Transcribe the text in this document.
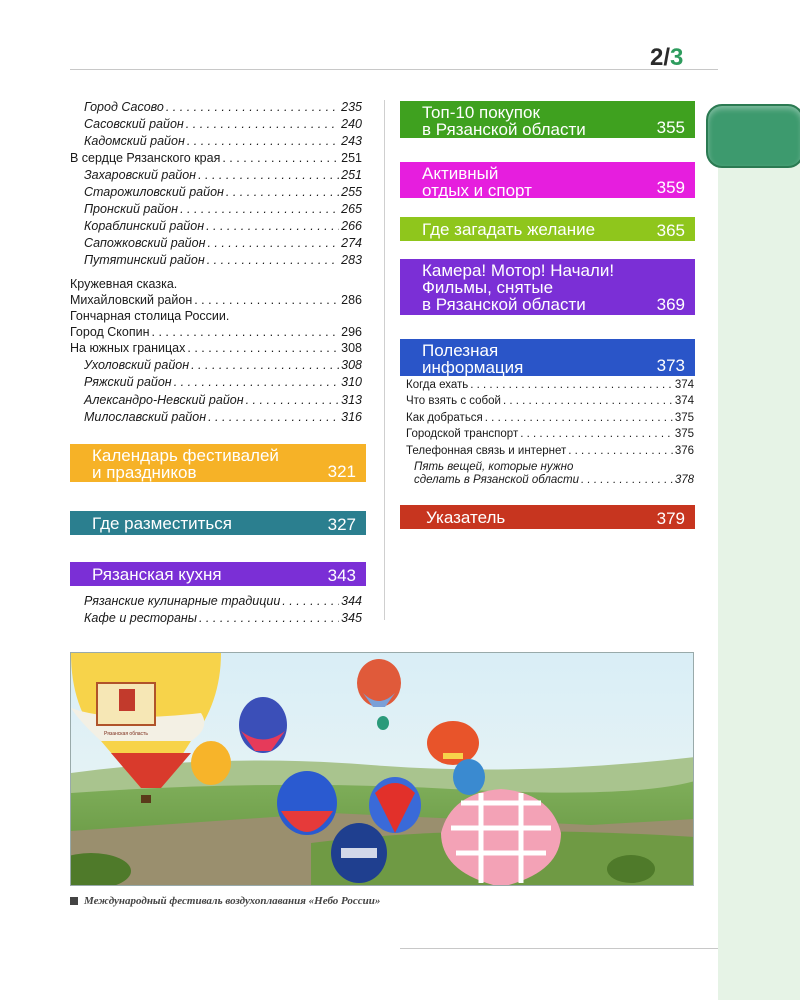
2/3
Город Сасово . . .	235
Сасовский район . . .	240
Кадомский район . . .	243
В сердце Рязанского края . . .	251
Захаровский район . . .	251
Старожиловский район . . .	255
Пронский район . . .	265
Кораблинский район . . .	266
Сапожковский район . . .	274
Путятинский район . . .	283
Кружевная сказка.
Михайловский район . . .	286
Гончарная столица России.
Город Скопин . . .	296
На южных границах . . .	308
Ухоловский район . . .	308
Ряжский район . . .	310
Александро-Невский район . . .	313
Милославский район . . .	316
Календарь фестивалей
и праздников	321
Где разместиться	327
Рязанская кухня	343
Рязанские кулинарные традиции . . .	344
Кафе и рестораны . . .	345
Топ-10 покупок
в Рязанской области	355
Активный
отдых и спорт	359
Где загадать желание	365
Камера! Мотор! Начали!
Фильмы, снятые
в Рязанской области	369
Полезная
информация	373
Когда ехать . . .	374
Что взять с собой . . .	374
Как добраться . . .	375
Городской транспорт . . .	375
Телефонная связь и интернет . . .	376
Пять вещей, которые нужно
сделать в Рязанской области . . .	378
Указатель	379
Рязанская область
Международный фестиваль воздухоплавания «Небо России»
